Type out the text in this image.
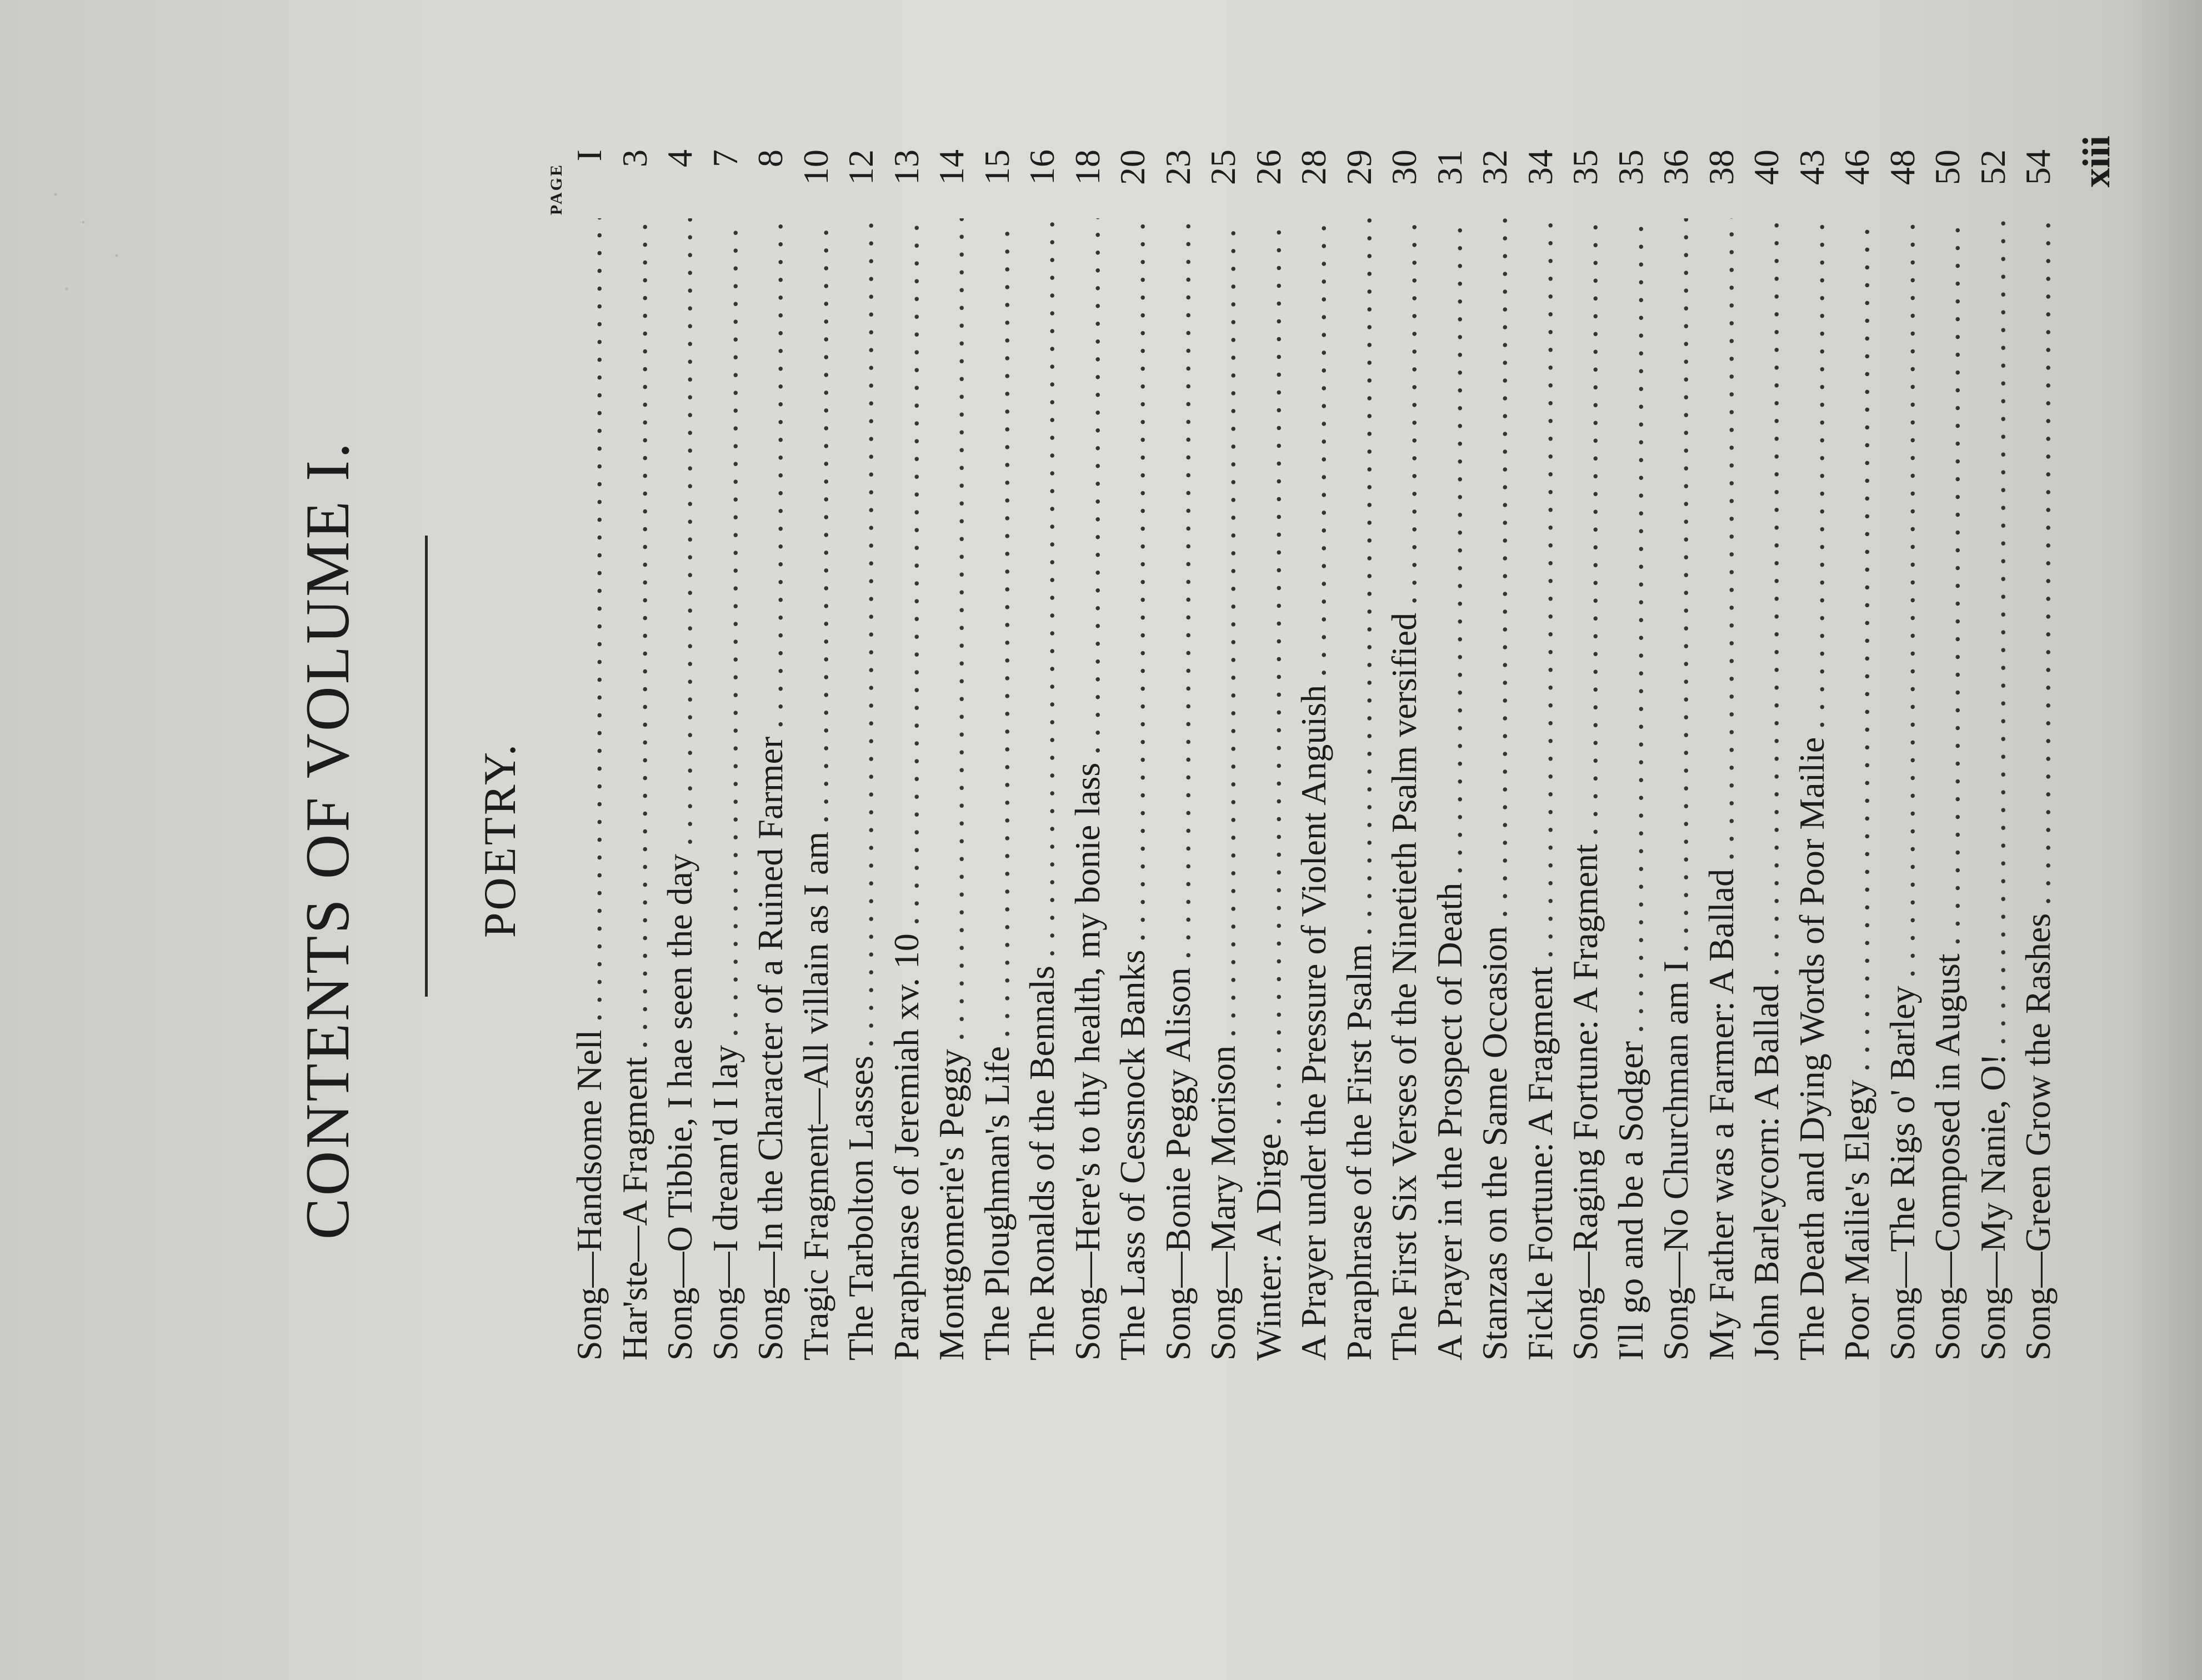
CONTENTS OF VOLUME I. POETRY.
PAGE
Song—Handsome Nell
. . .
I
Har'ste—A Fragment
. . .
3
Song—O Tibbie, I hae seen the day
. . .
4
Song—I dream'd I lay
. . .
7
Song—In the Character of a Ruined Farmer
. . .
8
Tragic Fragment—All villain as I am
. . .
10
The Tarbolton Lasses
. . .
12
Paraphrase of Jeremiah xv. 10
. . .
13
Montgomerie's Peggy
. . .
14
The Ploughman's Life
. . .
15
The Ronalds of the Bennals
. . .
16
Song—Here's to thy health, my bonie lass
. . .
18
The Lass of Cessnock Banks
. . .
20
Song—Bonie Peggy Alison
. . .
23
Song—Mary Morison
. . .
25
Winter: A Dirge
. . .
26
A Prayer under the Pressure of Violent Anguish
. . .
28
Paraphrase of the First Psalm
. . .
29
The First Six Verses of the Ninetieth Psalm versified
. . .
30
A Prayer in the Prospect of Death
. . .
31
Stanzas on the Same Occasion
. . .
32
Fickle Fortune: A Fragment
. . .
34
Song—Raging Fortune: A Fragment
. . .
35
I'll go and be a Sodger
. . .
35
Song—No Churchman am I
. . .
36
My Father was a Farmer: A Ballad
. . .
38
John Barleycorn: A Ballad
. . .
40
The Death and Dying Words of Poor Mailie
. . .
43
Poor Mailie's Elegy
. . .
46
Song—The Rigs o' Barley
. . .
48
Song—Composed in August
. . .
50
Song—My Nanie, O!
. . .
52
Song—Green Grow the Rashes
. . .
54 xiii
